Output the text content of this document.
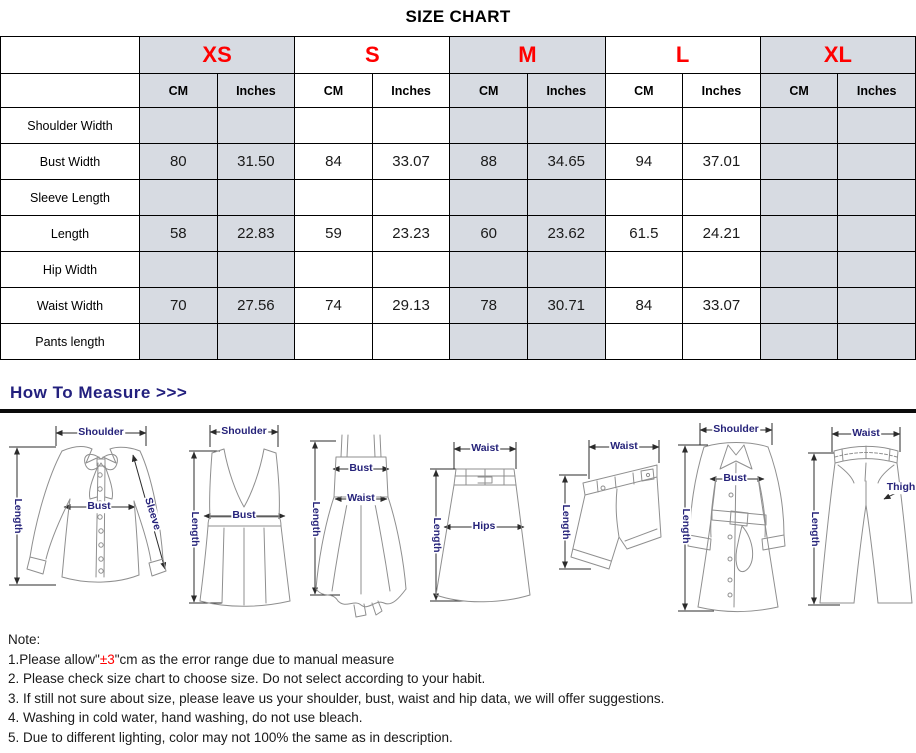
SIZE CHART
	XS		S		M		L		XL	
	CM	Inches	CM	Inches	CM	Inches	CM	Inches	CM	Inches
Shoulder Width										
Bust Width	80	31.50	84	33.07	88	34.65	94	37.01		
Sleeve Length										
Length	58	22.83	59	23.23	60	23.62	61.5	24.21		
Hip Width										
Waist Width	70	27.56	74	29.13	78	30.71	84	33.07		
Pants length										
How To Measure >>>
Shoulder
Bust	Sleeve
Length
Shoulder
Bust
Length
Bust
Waist
Length
Waist
Hips
Length
Waist
Length
Shoulder
Bust
Length
Waist
Length
Thigh
Note:
1.Please allow"±3"cm as the error range due to manual measure
2. Please check size chart to choose size. Do not select according to your habit.
3. If still not sure about size, please leave us your shoulder, bust, waist and hip data, we will offer suggestions.
4. Washing in cold water, hand washing, do not use bleach.
5. Due to different lighting, color may not 100% the same as in description.
